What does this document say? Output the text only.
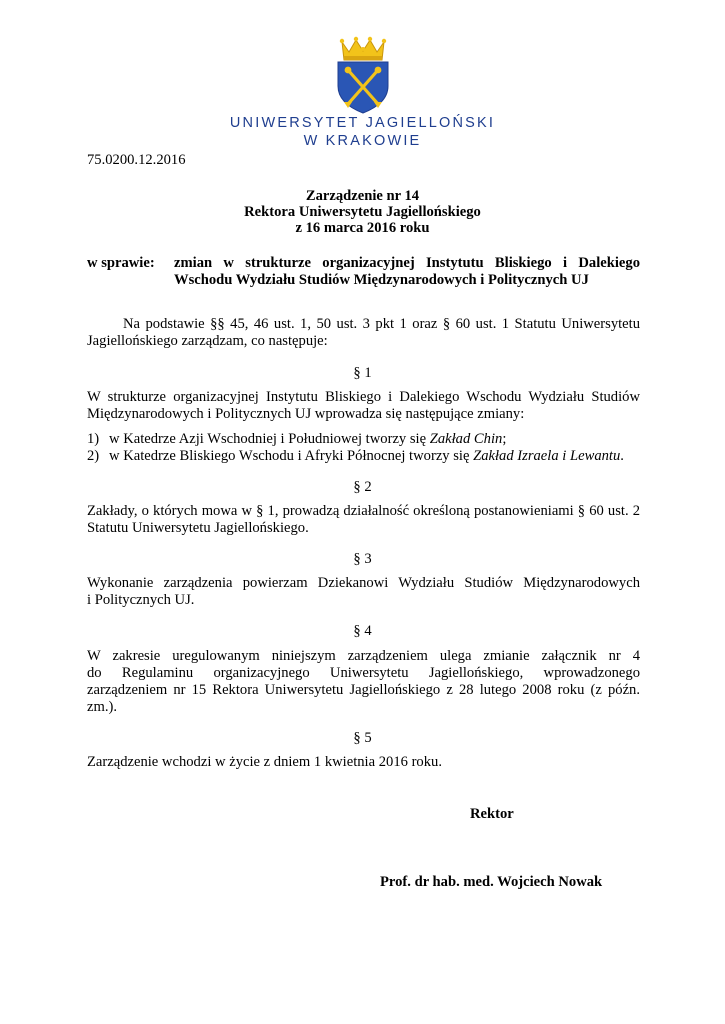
UNIWERSYTET JAGIELLOŃSKI
W KRAKOWIE
75.0200.12.2016
Zarządzenie nr 14
Rektora Uniwersytetu Jagiellońskiego
z 16 marca 2016 roku
w sprawie: zmian w strukturze organizacyjnej Instytutu Bliskiego i Dalekiego
Wschodu Wydziału Studiów Międzynarodowych i Politycznych UJ
Na podstawie §§ 45, 46 ust. 1, 50 ust. 3 pkt 1 oraz § 60 ust. 1 Statutu Uniwersytetu
Jagiellońskiego zarządzam, co następuje:
§ 1
W strukturze organizacyjnej Instytutu Bliskiego i Dalekiego Wschodu Wydziału Studiów
Międzynarodowych i Politycznych UJ wprowadza się następujące zmiany:
1) w Katedrze Azji Wschodniej i Południowej tworzy się Zakład Chin;
2) w Katedrze Bliskiego Wschodu i Afryki Północnej tworzy się Zakład Izraela i Lewantu.
§ 2
Zakłady, o których mowa w § 1, prowadzą działalność określoną postanowieniami § 60 ust. 2
Statutu Uniwersytetu Jagiellońskiego.
§ 3
Wykonanie zarządzenia powierzam Dziekanowi Wydziału Studiów Międzynarodowych
i Politycznych UJ.
§ 4
W zakresie uregulowanym niniejszym zarządzeniem ulega zmianie załącznik nr 4
do Regulaminu organizacyjnego Uniwersytetu Jagiellońskiego, wprowadzonego
zarządzeniem nr 15 Rektora Uniwersytetu Jagiellońskiego z 28 lutego 2008 roku (z późn.
zm.).
§ 5
Zarządzenie wchodzi w życie z dniem 1 kwietnia 2016 roku.
Rektor
Prof. dr hab. med. Wojciech Nowak
